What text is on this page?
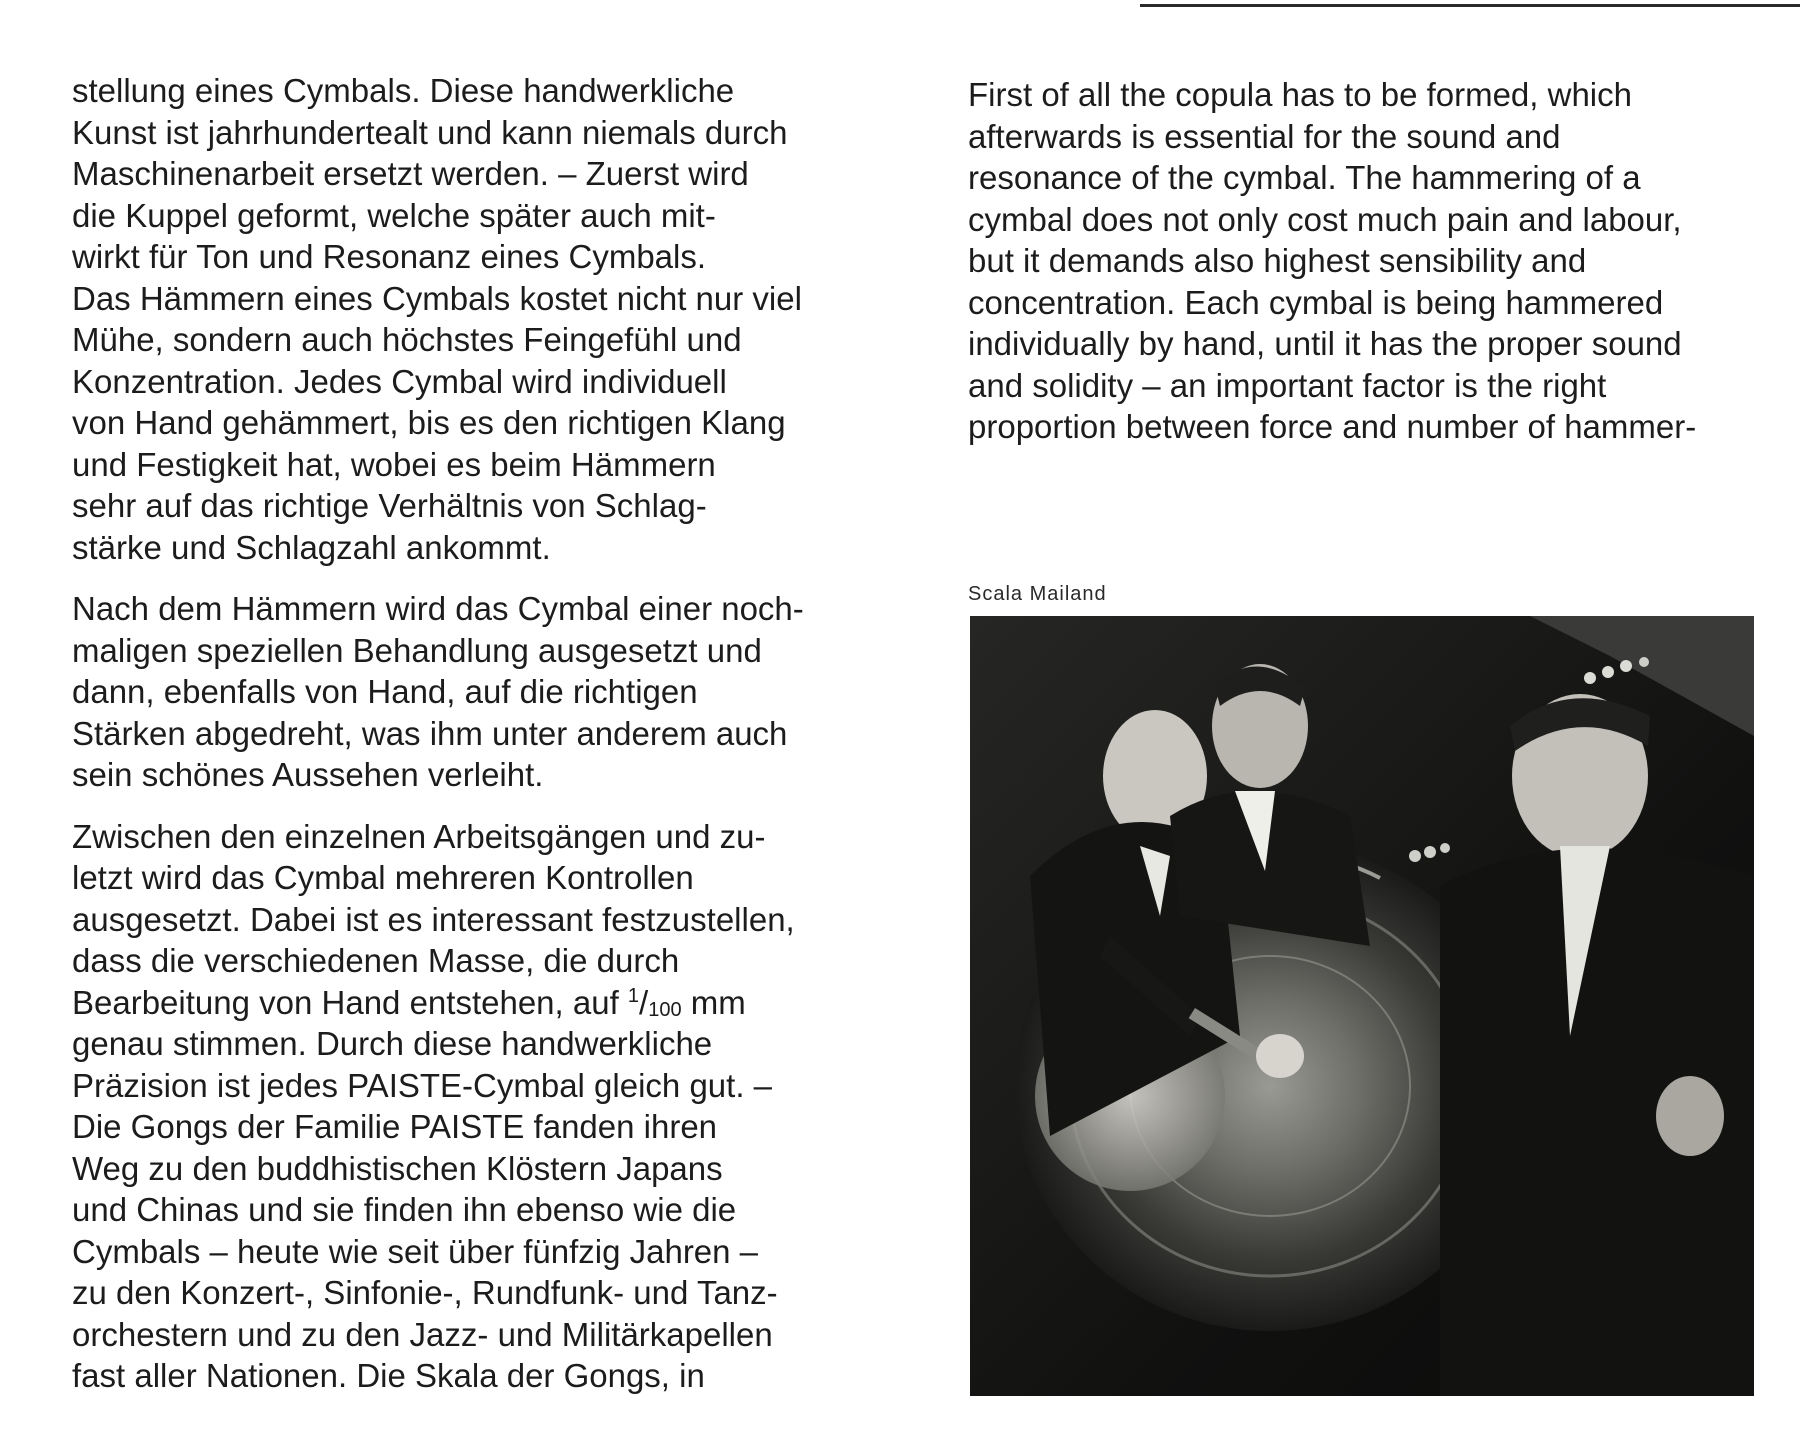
stellung eines Cymbals. Diese handwerkliche
Kunst ist jahrhundertealt und kann niemals durch
Maschinenarbeit ersetzt werden. – Zuerst wird
die Kuppel geformt, welche später auch mit-
wirkt für Ton und Resonanz eines Cymbals.
Das Hämmern eines Cymbals kostet nicht nur viel
Mühe, sondern auch höchstes Feingefühl und
Konzentration. Jedes Cymbal wird individuell
von Hand gehämmert, bis es den richtigen Klang
und Festigkeit hat, wobei es beim Hämmern
sehr auf das richtige Verhältnis von Schlag-
stärke und Schlagzahl ankommt.

Nach dem Hämmern wird das Cymbal einer noch-
maligen speziellen Behandlung ausgesetzt und
dann, ebenfalls von Hand, auf die richtigen
Stärken abgedreht, was ihm unter anderem auch
sein schönes Aussehen verleiht.

Zwischen den einzelnen Arbeitsgängen und zu-
letzt wird das Cymbal mehreren Kontrollen
ausgesetzt. Dabei ist es interessant festzustellen,
dass die verschiedenen Masse, die durch
Bearbeitung von Hand entstehen, auf $^1$/100 mm
genau stimmen. Durch diese handwerkliche
Präzision ist jedes PAISTE-Cymbal gleich gut. –
Die Gongs der Familie PAISTE fanden ihren
Weg zu den buddhistischen Klöstern Japans
und Chinas und sie finden ihn ebenso wie die
Cymbals – heute wie seit über fünfzig Jahren –
zu den Konzert-, Sinfonie-, Rundfunk- und Tanz-
orchestern und zu den Jazz- und Militärkapellen
fast aller Nationen. Die Skala der Gongs, in

First of all the copula has to be formed, which
afterwards is essential for the sound and
resonance of the cymbal. The hammering of a
cymbal does not only cost much pain and labour,
but it demands also highest sensibility and
concentration. Each cymbal is being hammered
individually by hand, until it has the proper sound
and solidity – an important factor is the right
proportion between force and number of hammer-

Scala Mailand
